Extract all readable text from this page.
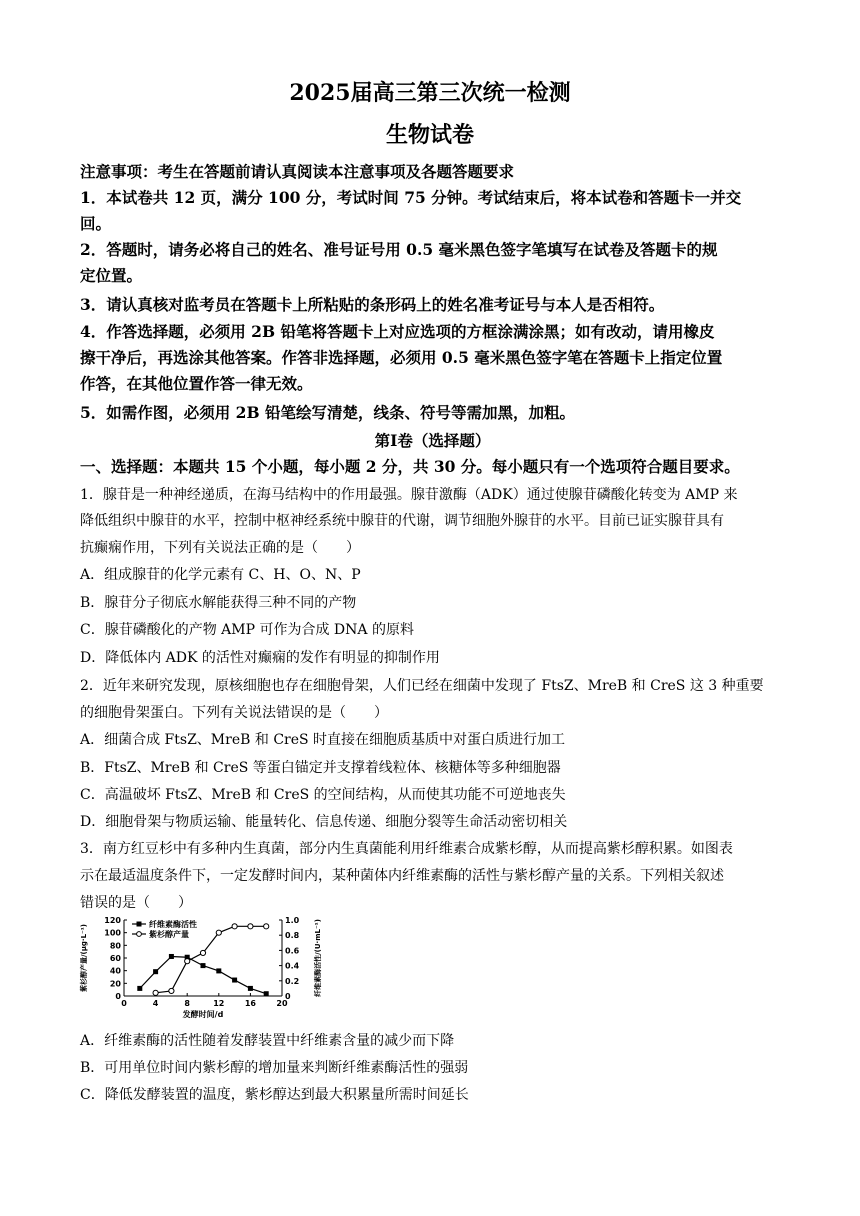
2025届高三第三次统一检测
生物试卷
注意事项：考生在答题前请认真阅读本注意事项及各题答题要求
1．本试卷共 12 页，满分 100 分，考试时间 75 分钟。考试结束后，将本试卷和答题卡一并交
回。
2．答题时，请务必将自己的姓名、准号证号用 0.5 毫米黑色签字笔填写在试卷及答题卡的规
定位置。
3．请认真核对监考员在答题卡上所粘贴的条形码上的姓名准考证号与本人是否相符。
4．作答选择题，必须用 2B 铅笔将答题卡上对应选项的方框涂满涂黑；如有改动，请用橡皮
擦干净后，再选涂其他答案。作答非选择题，必须用 0.5 毫米黑色签字笔在答题卡上指定位置
作答，在其他位置作答一律无效。
5．如需作图，必须用 2B 铅笔绘写清楚，线条、符号等需加黑，加粗。
第Ⅰ卷（选择题）
一、选择题：本题共 15 个小题，每小题 2 分，共 30 分。每小题只有一个选项符合题目要求。
1．腺苷是一种神经递质，在海马结构中的作用最强。腺苷激酶（ADK）通过使腺苷磷酸化转变为 AMP 来
降低组织中腺苷的水平，控制中枢神经系统中腺苷的代谢，调节细胞外腺苷的水平。目前已证实腺苷具有
抗癫痫作用，下列有关说法正确的是（　　）
A．组成腺苷的化学元素有 C、H、O、N、P
B．腺苷分子彻底水解能获得三种不同的产物
C．腺苷磷酸化的产物 AMP 可作为合成 DNA 的原料
D．降低体内 ADK 的活性对癫痫的发作有明显的抑制作用
2．近年来研究发现，原核细胞也存在细胞骨架，人们已经在细菌中发现了 FtsZ、MreB 和 CreS 这 3 种重要
的细胞骨架蛋白。下列有关说法错误的是（　　）
A．细菌合成 FtsZ、MreB 和 CreS 时直接在细胞质基质中对蛋白质进行加工
B．FtsZ、MreB 和 CreS 等蛋白锚定并支撑着线粒体、核糖体等多种细胞器
C．高温破坏 FtsZ、MreB 和 CreS 的空间结构，从而使其功能不可逆地丧失
D．细胞骨架与物质运输、能量转化、信息传递、细胞分裂等生命活动密切相关
3．南方红豆杉中有多种内生真菌，部分内生真菌能利用纤维素合成紫杉醇，从而提高紫杉醇积累。如图表
示在最适温度条件下，一定发酵时间内，某种菌体内纤维素酶的活性与紫杉醇产量的关系。下列相关叙述
错误的是（　　）
0	4	8	12	16	20
0
20
40
60
80
100
120
0
0.2
0.4
0.6
0.8
1.0
发酵时间/d
紫杉醇产量/(μg·L⁻¹)	纤维素酶活性/(U·mL⁻¹)
纤维素酶活性
紫杉醇产量
A．纤维素酶的活性随着发酵装置中纤维素含量的减少而下降
B．可用单位时间内紫杉醇的增加量来判断纤维素酶活性的强弱
C．降低发酵装置的温度，紫杉醇达到最大积累量所需时间延长
